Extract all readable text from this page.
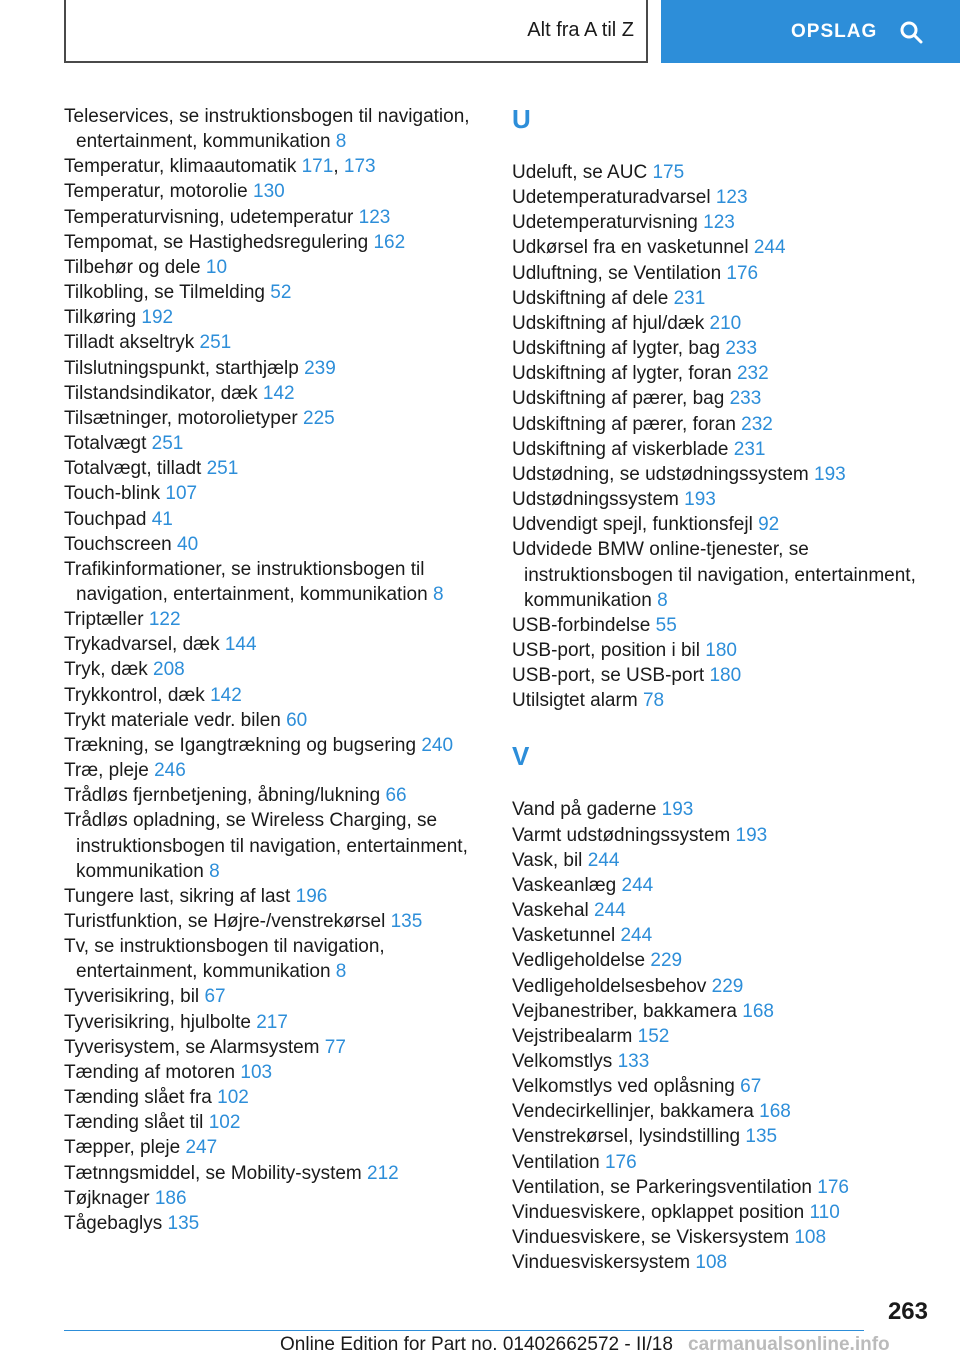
Alt fra A til Z	OPSLAG

Teleservices, se instruktionsbogen til navigation, entertainment, kommunikation 8

Temperatur, klimaautomatik 171, 173

Temperatur, motorolie 130

Temperaturvisning, udetemperatur 123

Tempomat, se Hastighedsregulering 162

Tilbehør og dele 10

Tilkobling, se Tilmelding 52

Tilkøring 192

Tilladt akseltryk 251

Tilslutningspunkt, starthjælp 239

Tilstandsindikator, dæk 142

Tilsætninger, motorolietyper 225

Totalvægt 251

Totalvægt, tilladt 251

Touch-blink 107

Touchpad 41

Touchscreen 40

Trafikinformationer, se instruktionsbogen til navigation, entertainment, kommunikation 8

Triptæller 122

Trykadvarsel, dæk 144

Tryk, dæk 208

Trykkontrol, dæk 142

Trykt materiale vedr. bilen 60

Trækning, se Igangtrækning og bugsering 240

Træ, pleje 246

Trådløs fjernbetjening, åbning/lukning 66

Trådløs opladning, se Wireless Charging, se instruktionsbogen til navigation, entertainment, kommunikation 8

Tungere last, sikring af last 196

Turistfunktion, se Højre-/venstrekørsel 135

Tv, se instruktionsbogen til navigation, entertainment, kommunikation 8

Tyverisikring, bil 67

Tyverisikring, hjulbolte 217

Tyverisystem, se Alarmsystem 77

Tænding af motoren 103

Tænding slået fra 102

Tænding slået til 102

Tæpper, pleje 247

Tætnngsmiddel, se Mobility-system 212

Tøjknager 186

Tågebaglys 135

U

Udeluft, se AUC 175

Udetemperaturadvarsel 123

Udetemperaturvisning 123

Udkørsel fra en vasketunnel 244

Udluftning, se Ventilation 176

Udskiftning af dele 231

Udskiftning af hjul/dæk 210

Udskiftning af lygter, bag 233

Udskiftning af lygter, foran 232

Udskiftning af pærer, bag 233

Udskiftning af pærer, foran 232

Udskiftning af viskerblade 231

Udstødning, se udstødningssystem 193

Udstødningssystem 193

Udvendigt spejl, funktionsfejl 92

Udvidede BMW online-tjenester, se instruktionsbogen til navigation, entertainment, kommunikation 8

USB-forbindelse 55

USB-port, position i bil 180

USB-port, se USB-port 180

Utilsigtet alarm 78

V

Vand på gaderne 193

Varmt udstødningssystem 193

Vask, bil 244

Vaskeanlæg 244

Vaskehal 244

Vasketunnel 244

Vedligeholdelse 229

Vedligeholdelsesbehov 229

Vejbanestriber, bakkamera 168

Vejstribealarm 152

Velkomstlys 133

Velkomstlys ved oplåsning 67

Vendecirkellinjer, bakkamera 168

Venstrekørsel, lysindstilling 135

Ventilation 176

Ventilation, se Parkeringsventilation 176

Vinduesviskere, opklappet position 110

Vinduesviskere, se Viskersystem 108

Vinduesviskersystem 108

263
Online Edition for Part no. 01402662572 - II/18 carmanualsonline.info
